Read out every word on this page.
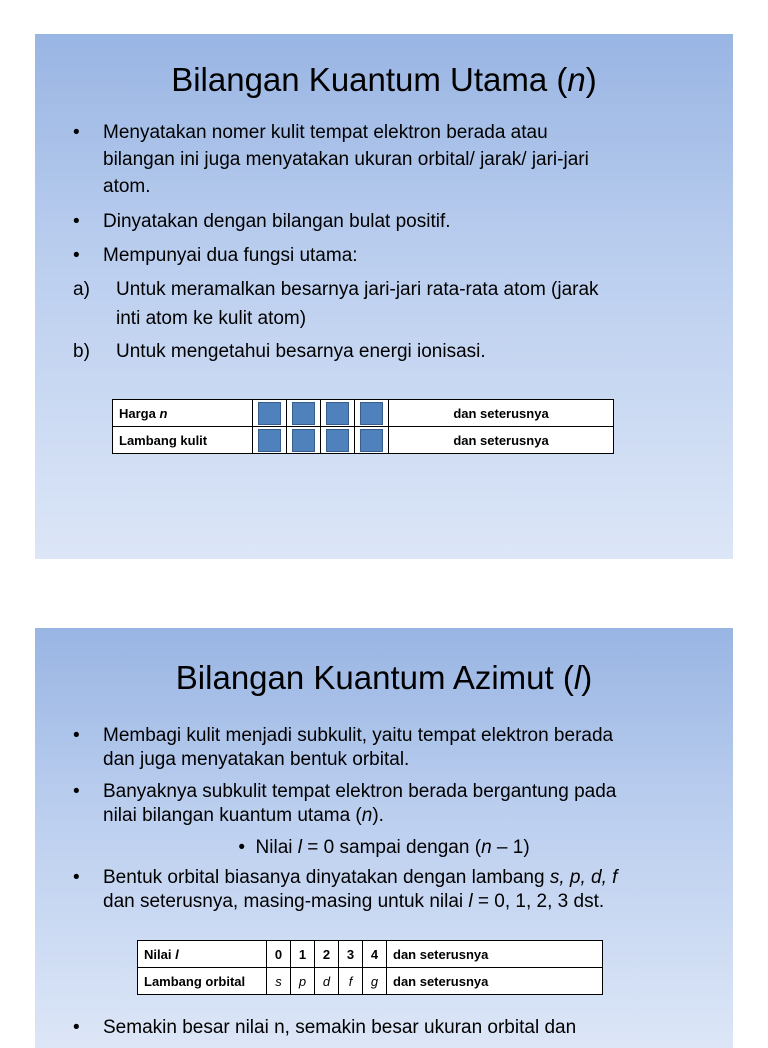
Bilangan Kuantum Utama (n)
• Menyatakan nomer kulit tempat elektron berada atau
bilangan ini juga menyatakan ukuran orbital/ jarak/ jari-jari
atom.
• Dinyatakan dengan bilangan bulat positif.
• Mempunyai dua fungsi utama:
a) Untuk meramalkan besarnya jari-jari rata-rata atom (jarak
inti atom ke kulit atom)
b) Untuk mengetahui besarnya energi ionisasi.
Harga n					dan seterusnya
Lambang kulit					dan seterusnya
Bilangan Kuantum Azimut (l)
• Membagi kulit menjadi subkulit, yaitu tempat elektron berada
dan juga menyatakan bentuk orbital.
• Banyaknya subkulit tempat elektron berada bergantung pada
nilai bilangan kuantum utama (n).
• Nilai l = 0 sampai dengan (n – 1)
• Bentuk orbital biasanya dinyatakan dengan lambang s, p, d, f
dan seterusnya, masing-masing untuk nilai l = 0, 1, 2, 3 dst.
Nilai l	0	1	2	3	4	dan seterusnya
Lambang orbital	s	p	d	f	g	dan seterusnya
• Semakin besar nilai n, semakin besar ukuran orbital dan
